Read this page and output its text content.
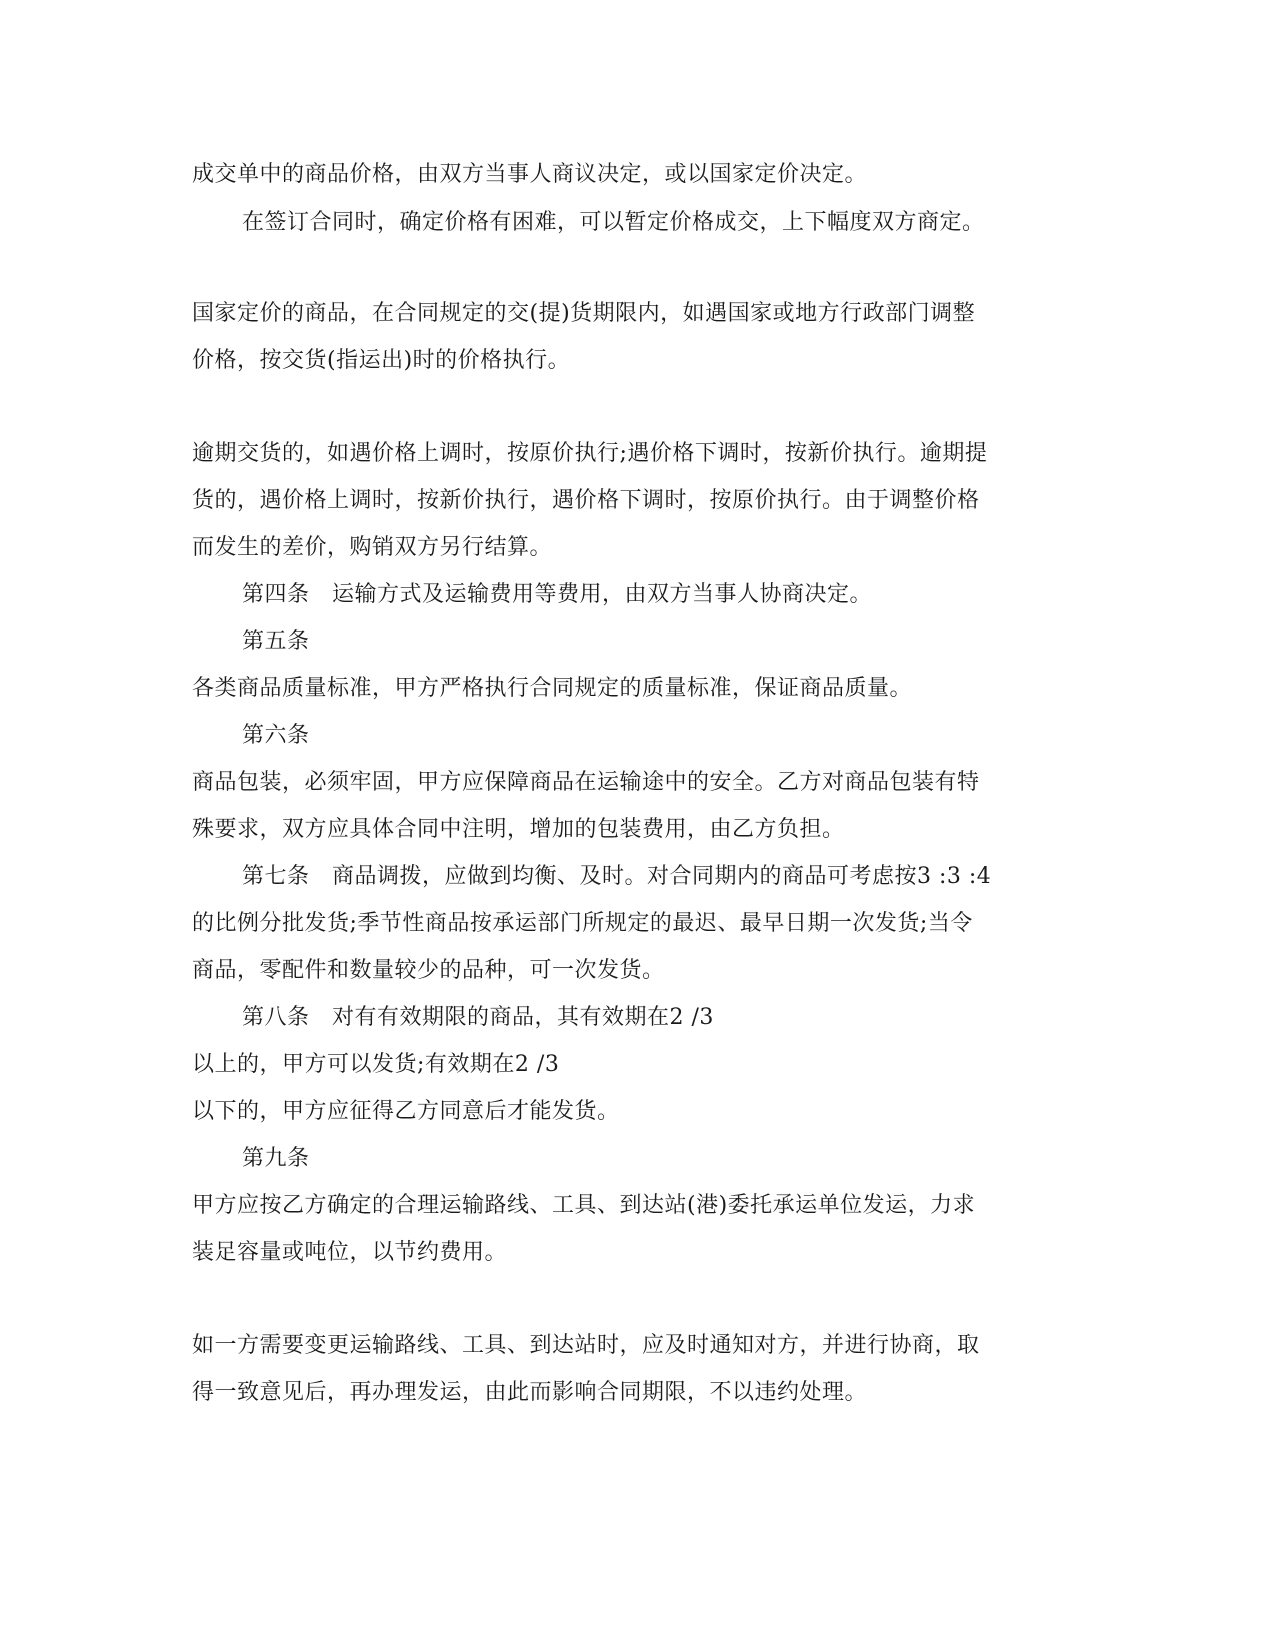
成交单中的商品价格，由双方当事人商议决定，或以国家定价决定。
在签订合同时，确定价格有困难，可以暂定价格成交，上下幅度双方商定。
国家定价的商品，在合同规定的交(提)货期限内，如遇国家或地方行政部门调整
价格，按交货(指运出)时的价格执行。
逾期交货的，如遇价格上调时，按原价执行;遇价格下调时，按新价执行。逾期提
货的，遇价格上调时，按新价执行，遇价格下调时，按原价执行。由于调整价格
而发生的差价，购销双方另行结算。
第四条　运输方式及运输费用等费用，由双方当事人协商决定。
第五条
各类商品质量标准，甲方严格执行合同规定的质量标准，保证商品质量。
第六条
商品包装，必须牢固，甲方应保障商品在运输途中的安全。乙方对商品包装有特
殊要求，双方应具体合同中注明，增加的包装费用，由乙方负担。
第七条　商品调拨，应做到均衡、及时。对合同期内的商品可考虑按3 :3 :4
的比例分批发货;季节性商品按承运部门所规定的最迟、最早日期一次发货;当令
商品，零配件和数量较少的品种，可一次发货。
第八条　对有有效期限的商品，其有效期在2 /3
以上的，甲方可以发货;有效期在2 /3
以下的，甲方应征得乙方同意后才能发货。
第九条
甲方应按乙方确定的合理运输路线、工具、到达站(港)委托承运单位发运，力求
装足容量或吨位，以节约费用。
如一方需要变更运输路线、工具、到达站时，应及时通知对方，并进行协商，取
得一致意见后，再办理发运，由此而影响合同期限，不以违约处理。
